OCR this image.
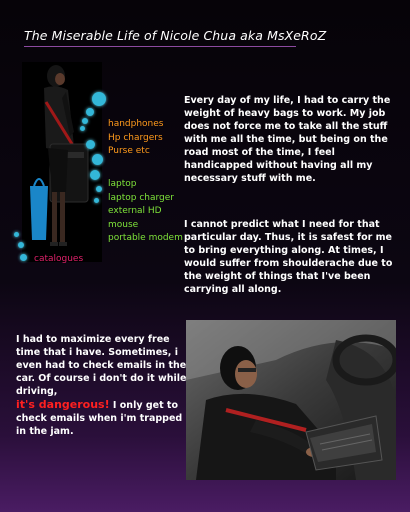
The Miserable Life of Nicole Chua aka MsXeRoZ
handphones
Hp chargers
Purse etc
laptop
laptop charger
external HD
mouse
portable modem
catalogues

Every day of my life, I had to carry the weight of heavy bags to work. My job does not force me to take all the stuff with me all the time, but being on the road most of the time, I feel handicapped without having all my necessary stuff with me.

I cannot predict what I need for that particular day. Thus, it is safest for me to bring everything along. At times, I would suffer from shoulderache due to the weight of things that I've been carrying all along.

I had to maximize every free time that i have. Sometimes, i even had to check emails in the car. Of course i don't do it while driving,
it's dangerous! I only get to check emails when i'm trapped in the jam.
